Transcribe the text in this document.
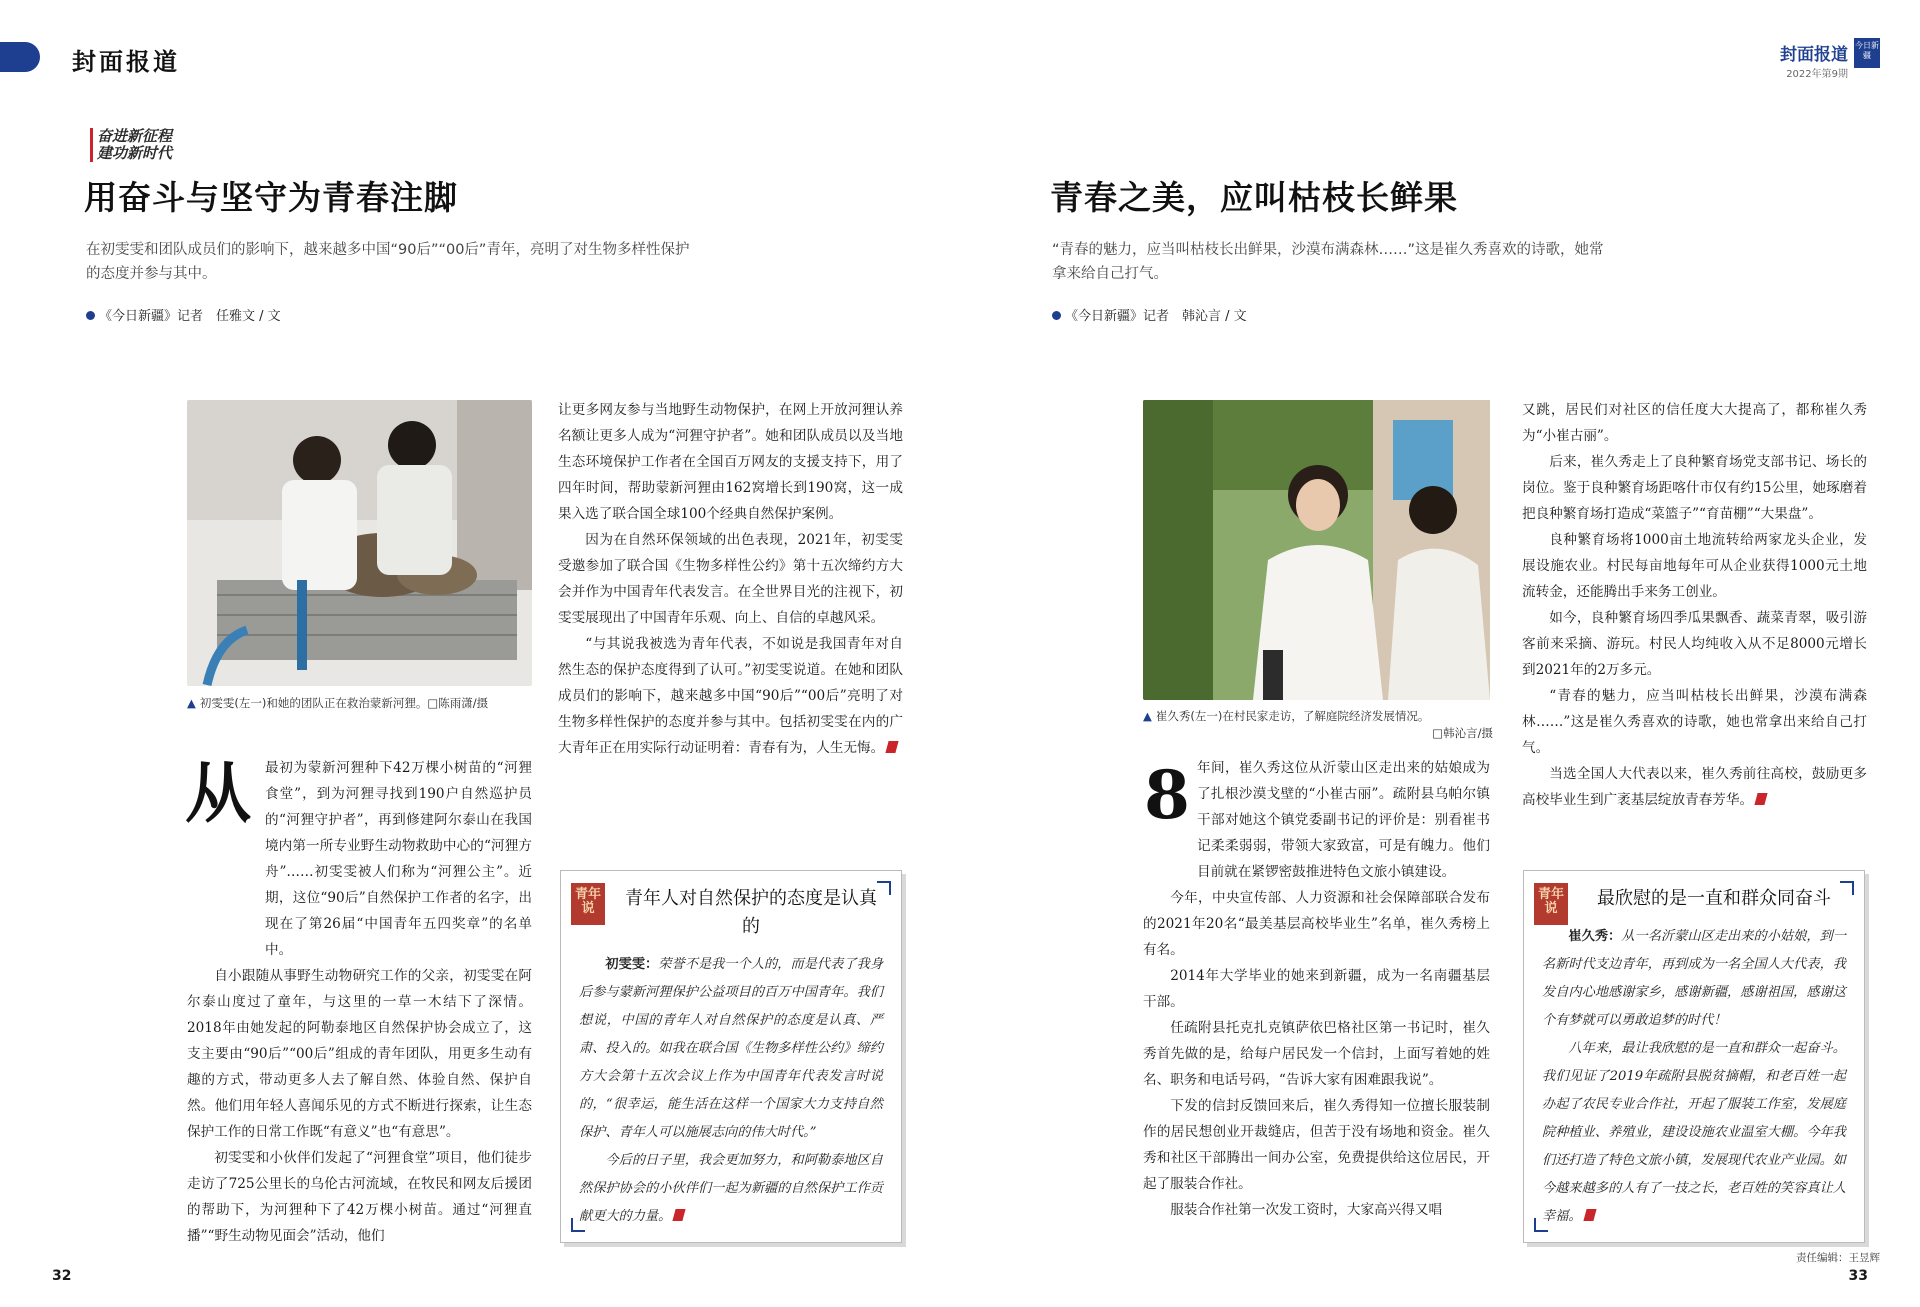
封面报道	封面报道
2022年第9期
今日新疆
奋进新征程
建功新时代
用奋斗与坚守为青春注脚
在初雯雯和团队成员们的影响下，越来越多中国“90后”“00后”青年，亮明了对生物多样性保护的态度并参与其中。
《今日新疆》记者　任雅文 / 文
▲ 初雯雯(左一)和她的团队正在救治蒙新河狸。□陈雨潇/摄
从	最初为蒙新河狸种下42万棵小树苗的“河狸食堂”，到为河狸寻找到190户自然巡护员的“河狸守护者”，再到修建阿尔泰山在我国境内第一所专业野生动物救助中心的“河狸方舟”……初雯雯被人们称为“河狸公主”。近期，这位“90后”自然保护工作者的名字，出现在了第26届“中国青年五四奖章”的名单中。

自小跟随从事野生动物研究工作的父亲，初雯雯在阿尔泰山度过了童年，与这里的一草一木结下了深情。2018年由她发起的阿勒泰地区自然保护协会成立了，这支主要由“90后”“00后”组成的青年团队，用更多生动有趣的方式，带动更多人去了解自然、体验自然、保护自然。他们用年轻人喜闻乐见的方式不断进行探索，让生态保护工作的日常工作既“有意义”也“有意思”。

初雯雯和小伙伴们发起了“河狸食堂”项目，他们徒步走访了725公里长的乌伦古河流域，在牧民和网友后援团的帮助下，为河狸种下了42万棵小树苗。通过“河狸直播”“野生动物见面会”活动，他们

让更多网友参与当地野生动物保护，在网上开放河狸认养名额让更多人成为“河狸守护者”。她和团队成员以及当地生态环境保护工作者在全国百万网友的支援支持下，用了四年时间，帮助蒙新河狸由162窝增长到190窝，这一成果入选了联合国全球100个经典自然保护案例。

因为在自然环保领域的出色表现，2021年，初雯雯受邀参加了联合国《生物多样性公约》第十五次缔约方大会并作为中国青年代表发言。在全世界目光的注视下，初雯雯展现出了中国青年乐观、向上、自信的卓越风采。

“与其说我被选为青年代表，不如说是我国青年对自然生态的保护态度得到了认可。”初雯雯说道。在她和团队成员们的影响下，越来越多中国“90后”“00后”亮明了对生物多样性保护的态度并参与其中。包括初雯雯在内的广大青年正在用实际行动证明着：青春有为，人生无悔。

青年说	青年人对自然保护的态度是认真的

初雯雯：荣誉不是我一个人的，而是代表了我身后参与蒙新河狸保护公益项目的百万中国青年。我们想说，中国的青年人对自然保护的态度是认真、严肃、投入的。如我在联合国《生物多样性公约》缔约方大会第十五次会议上作为中国青年代表发言时说的，“很幸运，能生活在这样一个国家大力支持自然保护、青年人可以施展志向的伟大时代。”

今后的日子里，我会更加努力，和阿勒泰地区自然保护协会的小伙伴们一起为新疆的自然保护工作贡献更大的力量。

32
青春之美，应叫枯枝长鲜果
“青春的魅力，应当叫枯枝长出鲜果，沙漠布满森林……”这是崔久秀喜欢的诗歌，她常拿来给自己打气。
《今日新疆》记者　韩沁言 / 文
▲ 崔久秀(左一)在村民家走访，了解庭院经济发展情况。
□韩沁言/摄
8 年间，崔久秀这位从沂蒙山区走出来的姑娘成为了扎根沙漠戈壁的“小崔古丽”。疏附县乌帕尔镇干部对她这个镇党委副书记的评价是：别看崔书记柔柔弱弱，带领大家致富，可是有魄力。他们目前就在紧锣密鼓推进特色文旅小镇建设。

今年，中央宣传部、人力资源和社会保障部联合发布的2021年20名“最美基层高校毕业生”名单，崔久秀榜上有名。

2014年大学毕业的她来到新疆，成为一名南疆基层干部。

任疏附县托克扎克镇萨依巴格社区第一书记时，崔久秀首先做的是，给每户居民发一个信封，上面写着她的姓名、职务和电话号码，“告诉大家有困难跟我说”。

下发的信封反馈回来后，崔久秀得知一位擅长服装制作的居民想创业开裁缝店，但苦于没有场地和资金。崔久秀和社区干部腾出一间办公室，免费提供给这位居民，开起了服装合作社。

服装合作社第一次发工资时，大家高兴得又唱

又跳，居民们对社区的信任度大大提高了，都称崔久秀为“小崔古丽”。

后来，崔久秀走上了良种繁育场党支部书记、场长的岗位。鉴于良种繁育场距喀什市仅有约15公里，她琢磨着把良种繁育场打造成“菜篮子”“育苗棚”“大果盘”。

良种繁育场将1000亩土地流转给两家龙头企业，发展设施农业。村民每亩地每年可从企业获得1000元土地流转金，还能腾出手来务工创业。

如今，良种繁育场四季瓜果飘香、蔬菜青翠，吸引游客前来采摘、游玩。村民人均纯收入从不足8000元增长到2021年的2万多元。

“青春的魅力，应当叫枯枝长出鲜果，沙漠布满森林……”这是崔久秀喜欢的诗歌，她也常拿出来给自己打气。

当选全国人大代表以来，崔久秀前往高校，鼓励更多高校毕业生到广袤基层绽放青春芳华。

青年说	最欣慰的是一直和群众同奋斗

崔久秀：从一名沂蒙山区走出来的小姑娘，到一名新时代支边青年，再到成为一名全国人大代表，我发自内心地感谢家乡，感谢新疆，感谢祖国，感谢这个有梦就可以勇敢追梦的时代！

八年来，最让我欣慰的是一直和群众一起奋斗。我们见证了2019年疏附县脱贫摘帽，和老百姓一起办起了农民专业合作社，开起了服装工作室，发展庭院种植业、养殖业，建设设施农业温室大棚。今年我们还打造了特色文旅小镇，发展现代农业产业园。如今越来越多的人有了一技之长，老百姓的笑容真让人幸福。

责任编辑：王昱辉
33
